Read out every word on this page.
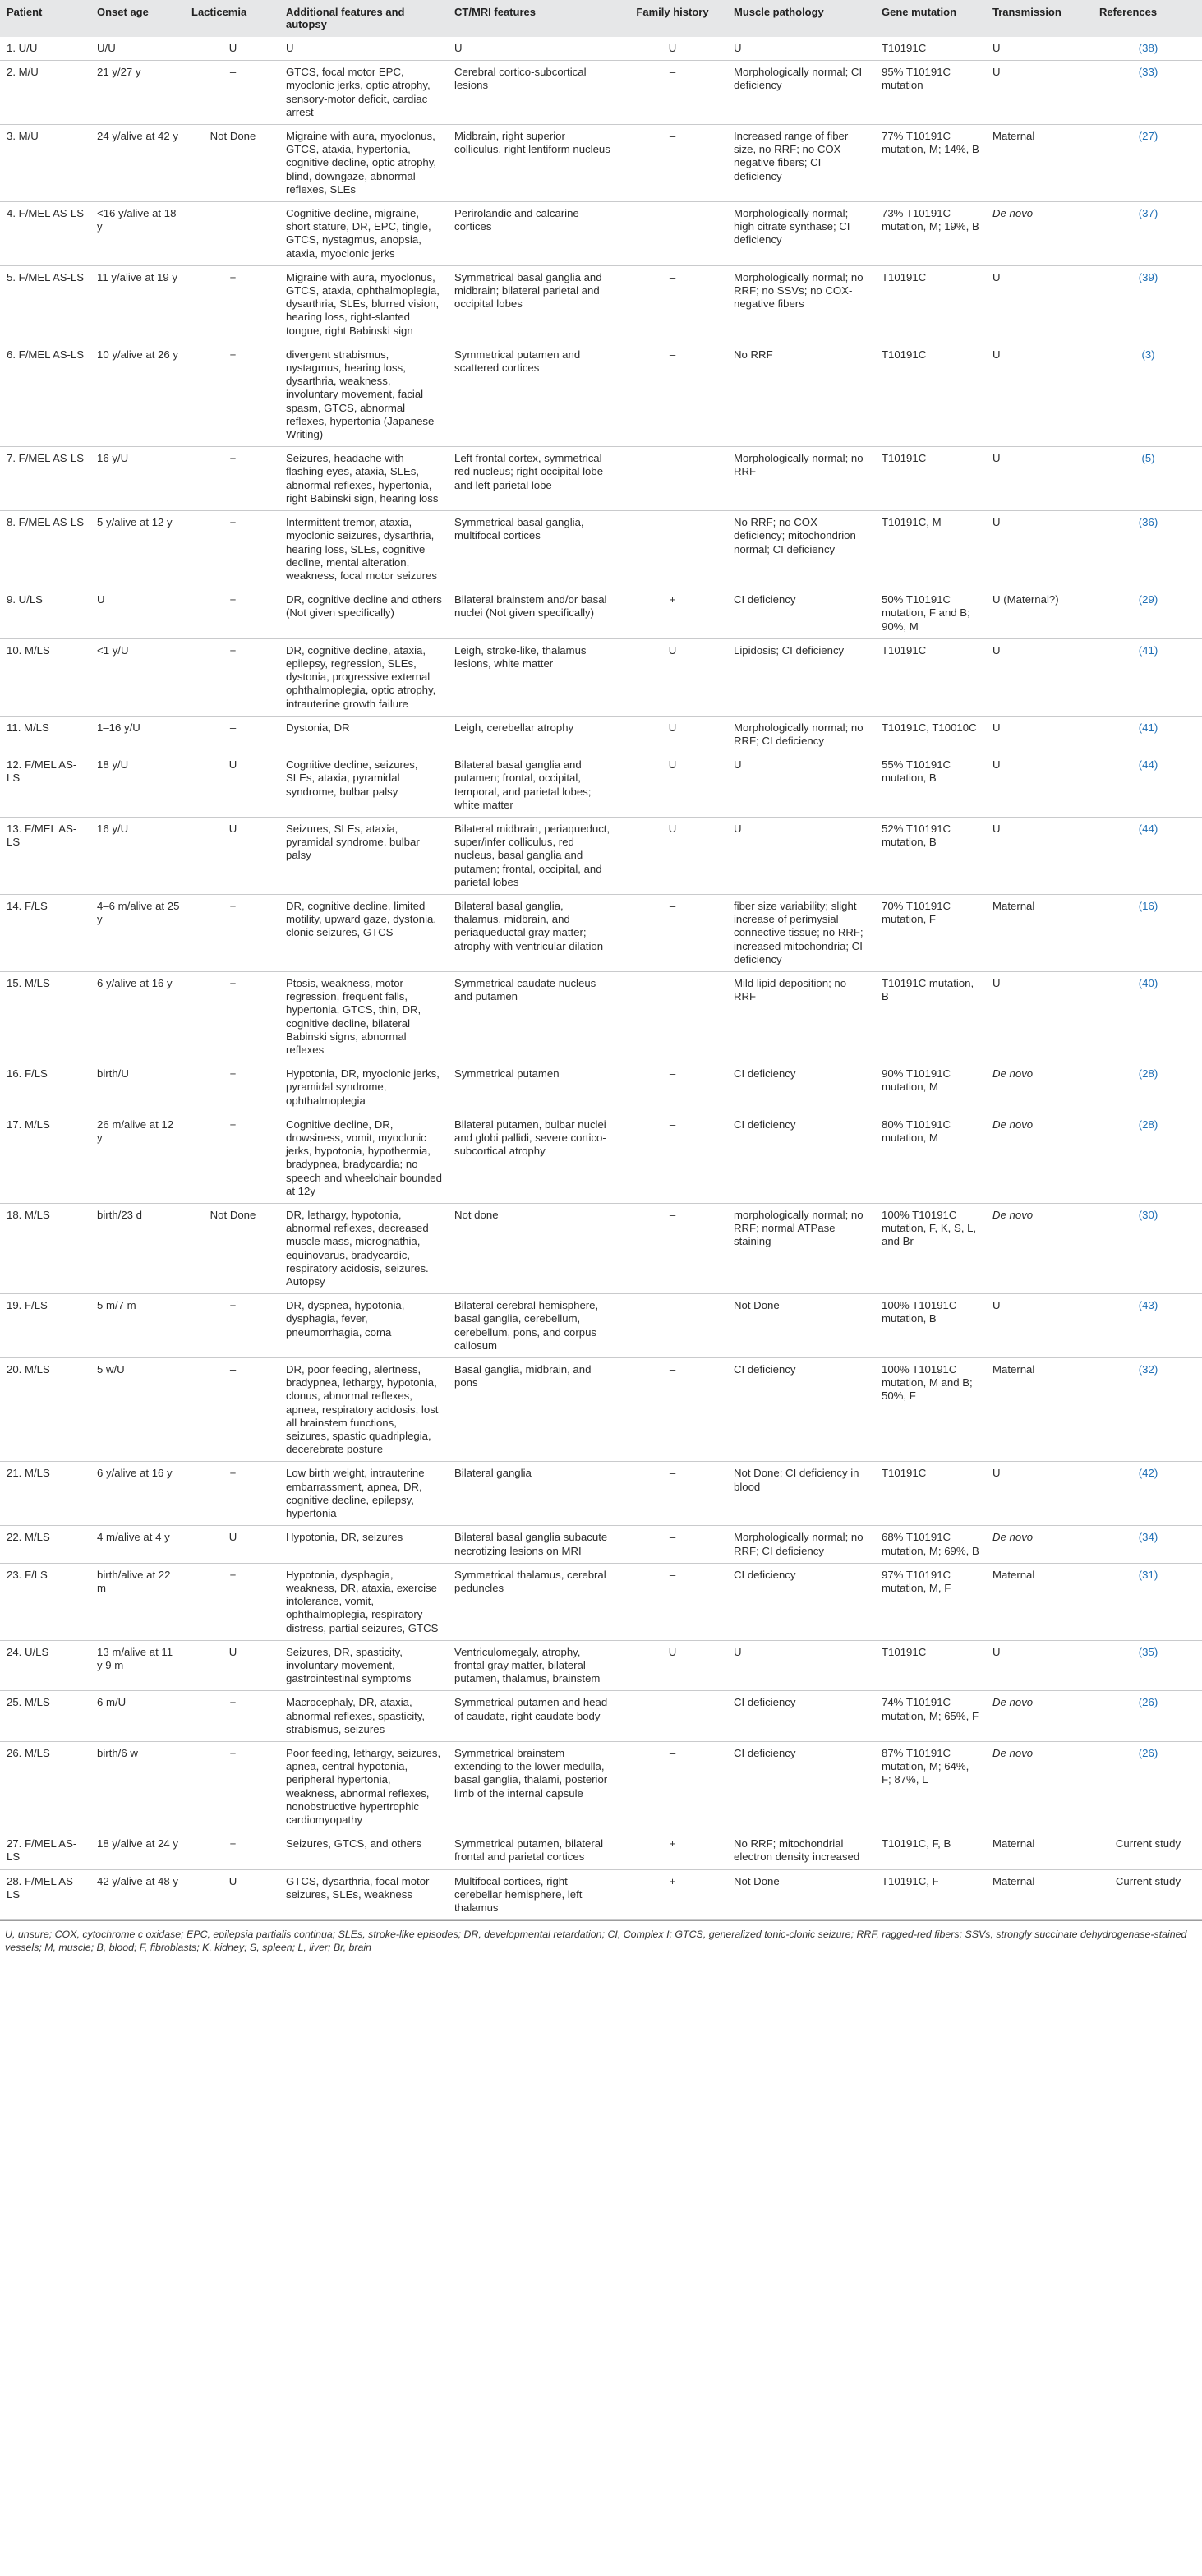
Patient	Onset age	Lacticemia	Additional features and autopsy	CT/MRI features	Family history	Muscle pathology	Gene mutation	Transmission	References
1. U/U	U/U	U	U	U	U	U	T10191C	U	(38)
2. M/U	21 y/27 y	–	GTCS, focal motor EPC, myoclonic jerks, optic atrophy, sensory-motor deficit, cardiac arrest	Cerebral cortico-subcortical lesions	–	Morphologically normal; CI deficiency	95% T10191C mutation	U	(33)
3. M/U	24 y/alive at 42 y	Not Done	Migraine with aura, myoclonus, GTCS, ataxia, hypertonia, cognitive decline, optic atrophy, blind, downgaze, abnormal reflexes, SLEs	Midbrain, right superior colliculus, right lentiform nucleus	–	Increased range of fiber size, no RRF; no COX-negative fibers; CI deficiency	77% T10191C mutation, M; 14%, B	Maternal	(27)
4. F/MEL AS-LS	<16 y/alive at 18 y	–	Cognitive decline, migraine, short stature, DR, EPC, tingle, GTCS, nystagmus, anopsia, ataxia, myoclonic jerks	Perirolandic and calcarine cortices	–	Morphologically normal; high citrate synthase; CI deficiency	73% T10191C mutation, M; 19%, B	De novo	(37)
5. F/MEL AS-LS	11 y/alive at 19 y	+	Migraine with aura, myoclonus, GTCS, ataxia, ophthalmoplegia, dysarthria, SLEs, blurred vision, hearing loss, right-slanted tongue, right Babinski sign	Symmetrical basal ganglia and midbrain; bilateral parietal and occipital lobes	–	Morphologically normal; no RRF; no SSVs; no COX- negative fibers	T10191C	U	(39)
6. F/MEL AS-LS	10 y/alive at 26 y	+	divergent strabismus, nystagmus, hearing loss, dysarthria, weakness, involuntary movement, facial spasm, GTCS, abnormal reflexes, hypertonia (Japanese Writing)	Symmetrical putamen and scattered cortices	–	No RRF	T10191C	U	(3)
7. F/MEL AS-LS	16 y/U	+	Seizures, headache with flashing eyes, ataxia, SLEs, abnormal reflexes, hypertonia, right Babinski sign, hearing loss	Left frontal cortex, symmetrical red nucleus; right occipital lobe and left parietal lobe	–	Morphologically normal; no RRF	T10191C	U	(5)
8. F/MEL AS-LS	5 y/alive at 12 y	+	Intermittent tremor, ataxia, myoclonic seizures, dysarthria, hearing loss, SLEs, cognitive decline, mental alteration, weakness, focal motor seizures	Symmetrical basal ganglia, multifocal cortices	–	No RRF; no COX deficiency; mitochondrion normal; CI deficiency	T10191C, M	U	(36)
9. U/LS	U	+	DR, cognitive decline and others (Not given specifically)	Bilateral brainstem and/or basal nuclei (Not given specifically)	+	CI deficiency	50% T10191C mutation, F and B; 90%, M	U (Maternal?)	(29)
10. M/LS	<1 y/U	+	DR, cognitive decline, ataxia, epilepsy, regression, SLEs, dystonia, progressive external ophthalmoplegia, optic atrophy, intrauterine growth failure	Leigh, stroke-like, thalamus lesions, white matter	U	Lipidosis; CI deficiency	T10191C	U	(41)
11. M/LS	1–16 y/U	–	Dystonia, DR	Leigh, cerebellar atrophy	U	Morphologically normal; no RRF; CI deficiency	T10191C, T10010C	U	(41)
12. F/MEL AS-LS	18 y/U	U	Cognitive decline, seizures, SLEs, ataxia, pyramidal syndrome, bulbar palsy	Bilateral basal ganglia and putamen; frontal, occipital, temporal, and parietal lobes; white matter	U	U	55% T10191C mutation, B	U	(44)
13. F/MEL AS-LS	16 y/U	U	Seizures, SLEs, ataxia, pyramidal syndrome, bulbar palsy	Bilateral midbrain, periaqueduct, super/infer colliculus, red nucleus, basal ganglia and putamen; frontal, occipital, and parietal lobes	U	U	52% T10191C mutation, B	U	(44)
14. F/LS	4–6 m/alive at 25 y	+	DR, cognitive decline, limited motility, upward gaze, dystonia, clonic seizures, GTCS	Bilateral basal ganglia, thalamus, midbrain, and periaqueductal gray matter; atrophy with ventricular dilation	–	fiber size variability; slight increase of perimysial connective tissue; no RRF; increased mitochondria; CI deficiency	70% T10191C mutation, F	Maternal	(16)
15. M/LS	6 y/alive at 16 y	+	Ptosis, weakness, motor regression, frequent falls, hypertonia, GTCS, thin, DR, cognitive decline, bilateral Babinski signs, abnormal reflexes	Symmetrical caudate nucleus and putamen	–	Mild lipid deposition; no RRF	T10191C mutation, B	U	(40)
16. F/LS	birth/U	+	Hypotonia, DR, myoclonic jerks, pyramidal syndrome, ophthalmoplegia	Symmetrical putamen	–	CI deficiency	90% T10191C mutation, M	De novo	(28)
17. M/LS	26 m/alive at 12 y	+	Cognitive decline, DR, drowsiness, vomit, myoclonic jerks, hypotonia, hypothermia, bradypnea, bradycardia; no speech and wheelchair bounded at 12y	Bilateral putamen, bulbar nuclei and globi pallidi, severe cortico- subcortical atrophy	–	CI deficiency	80% T10191C mutation, M	De novo	(28)
18. M/LS	birth/23 d	Not Done	DR, lethargy, hypotonia, abnormal reflexes, decreased muscle mass, micrognathia, equinovarus, bradycardic, respiratory acidosis, seizures. Autopsy	Not done	–	morphologically normal; no RRF; normal ATPase staining	100% T10191C mutation, F, K, S, L, and Br	De novo	(30)
19. F/LS	5 m/7 m	+	DR, dyspnea, hypotonia, dysphagia, fever, pneumorrhagia, coma	Bilateral cerebral hemisphere, basal ganglia, cerebellum, cerebellum, pons, and corpus callosum	–	Not Done	100% T10191C mutation, B	U	(43)
20. M/LS	5 w/U	–	DR, poor feeding, alertness, bradypnea, lethargy, hypotonia, clonus, abnormal reflexes, apnea, respiratory acidosis, lost all brainstem functions, seizures, spastic quadriplegia, decerebrate posture	Basal ganglia, midbrain, and pons	–	CI deficiency	100% T10191C mutation, M and B; 50%, F	Maternal	(32)
21. M/LS	6 y/alive at 16 y	+	Low birth weight, intrauterine embarrassment, apnea, DR, cognitive decline, epilepsy, hypertonia	Bilateral ganglia	–	Not Done; CI deficiency in blood	T10191C	U	(42)
22. M/LS	4 m/alive at 4 y	U	Hypotonia, DR, seizures	Bilateral basal ganglia subacute necrotizing lesions on MRI	–	Morphologically normal; no RRF; CI deficiency	68% T10191C mutation, M; 69%, B	De novo	(34)
23. F/LS	birth/alive at 22 m	+	Hypotonia, dysphagia, weakness, DR, ataxia, exercise intolerance, vomit, ophthalmoplegia, respiratory distress, partial seizures, GTCS	Symmetrical thalamus, cerebral peduncles	–	CI deficiency	97% T10191C mutation, M, F	Maternal	(31)
24. U/LS	13 m/alive at 11 y 9 m	U	Seizures, DR, spasticity, involuntary movement, gastrointestinal symptoms	Ventriculomegaly, atrophy, frontal gray matter, bilateral putamen, thalamus, brainstem	U	U	T10191C	U	(35)
25. M/LS	6 m/U	+	Macrocephaly, DR, ataxia, abnormal reflexes, spasticity, strabismus, seizures	Symmetrical putamen and head of caudate, right caudate body	–	CI deficiency	74% T10191C mutation, M; 65%, F	De novo	(26)
26. M/LS	birth/6 w	+	Poor feeding, lethargy, seizures, apnea, central hypotonia, peripheral hypertonia, weakness, abnormal reflexes, nonobstructive hypertrophic cardiomyopathy	Symmetrical brainstem extending to the lower medulla, basal ganglia, thalami, posterior limb of the internal capsule	–	CI deficiency	87% T10191C mutation, M; 64%, F; 87%, L	De novo	(26)
27. F/MEL AS-LS	18 y/alive at 24 y	+	Seizures, GTCS, and others	Symmetrical putamen, bilateral frontal and parietal cortices	+	No RRF; mitochondrial electron density increased	T10191C, F, B	Maternal	Current study
28. F/MEL AS-LS	42 y/alive at 48 y	U	GTCS, dysarthria, focal motor seizures, SLEs, weakness	Multifocal cortices, right cerebellar hemisphere, left thalamus	+	Not Done	T10191C, F	Maternal	Current study
U, unsure; COX, cytochrome c oxidase; EPC, epilepsia partialis continua; SLEs, stroke-like episodes; DR, developmental retardation; CI, Complex I; GTCS, generalized tonic-clonic seizure; RRF, ragged-red fibers; SSVs, strongly succinate dehydrogenase-stained vessels; M, muscle; B, blood; F, fibroblasts; K, kidney; S, spleen; L, liver; Br, brain
